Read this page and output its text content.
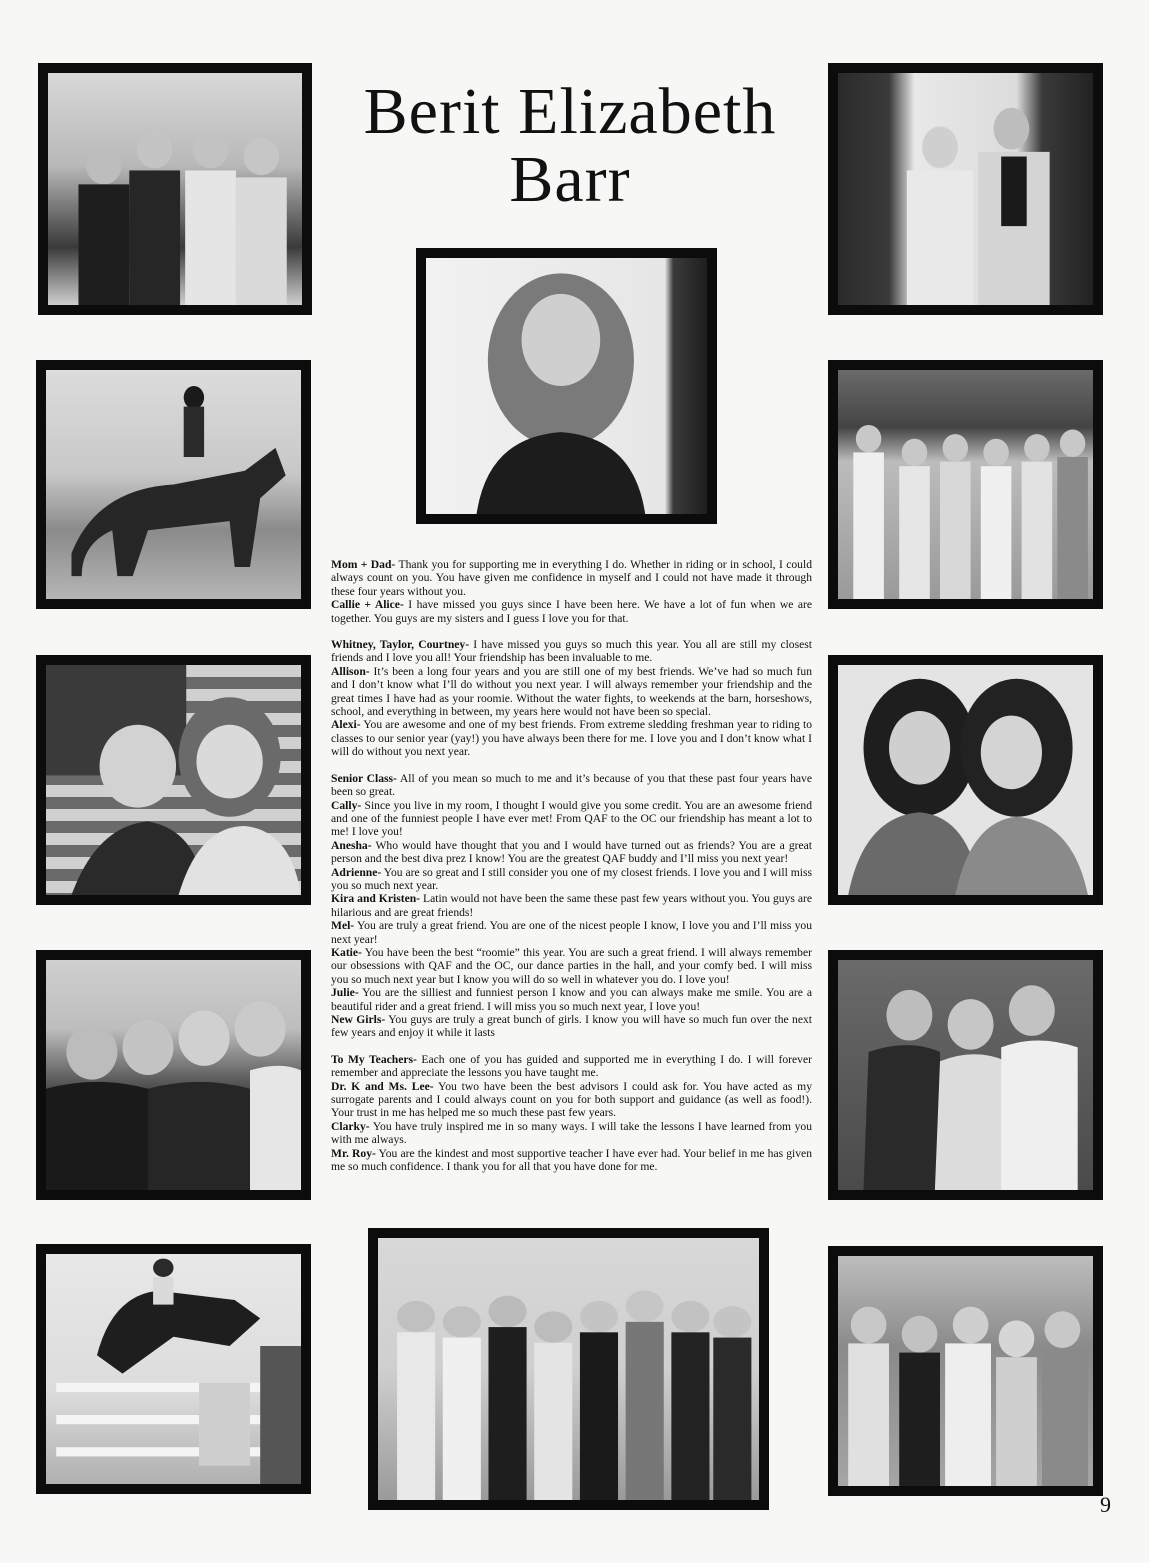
Berit Elizabeth
Barr

Mom + Dad- Thank you for supporting me in everything I do. Whether in riding or in school, I could always count on you. You have given me confidence in myself and I could not have made it through these four years without you.

Callie + Alice- I have missed you guys since I have been here. We have a lot of fun when we are together. You guys are my sisters and I guess I love you for that.

Whitney, Taylor, Courtney- I have missed you guys so much this year. You all are still my closest friends and I love you all! Your friendship has been invaluable to me.

Allison- It’s been a long four years and you are still one of my best friends. We’ve had so much fun and I don’t know what I’ll do without you next year. I will always remember your friendship and the great times I have had as your roomie. Without the water fights, to weekends at the barn, horseshows, school, and everything in between, my years here would not have been so special.

Alexi- You are awesome and one of my best friends. From extreme sledding freshman year to riding to classes to our senior year (yay!) you have always been there for me. I love you and I don’t know what I will do without you next year.

Senior Class- All of you mean so much to me and it’s because of you that these past four years have been so great.

Cally- Since you live in my room, I thought I would give you some credit. You are an awesome friend and one of the funniest people I have ever met! From QAF to the OC our friendship has meant a lot to me! I love you!

Anesha- Who would have thought that you and I would have turned out as friends? You are a great person and the best diva prez I know! You are the greatest QAF buddy and I’ll miss you next year!

Adrienne- You are so great and I still consider you one of my closest friends. I love you and I will miss you so much next year.

Kira and Kristen- Latin would not have been the same these past few years without you. You guys are hilarious and are great friends!

Mel- You are truly a great friend. You are one of the nicest people I know, I love you and I’ll miss you next year!

Katie- You have been the best “roomie” this year. You are such a great friend. I will always remember our obsessions with QAF and the OC, our dance parties in the hall, and your comfy bed. I will miss you so much next year but I know you will do so well in whatever you do. I love you!

Julie- You are the silliest and funniest person I know and you can always make me smile. You are a beautiful rider and a great friend. I will miss you so much next year, I love you!

New Girls- You guys are truly a great bunch of girls. I know you will have so much fun over the next few years and enjoy it while it lasts

To My Teachers- Each one of you has guided and supported me in everything I do. I will forever remember and appreciate the lessons you have taught me.

Dr. K and Ms. Lee- You two have been the best advisors I could ask for. You have acted as my surrogate parents and I could always count on you for both support and guidance (as well as food!). Your trust in me has helped me so much these past few years.

Clarky- You have truly inspired me in so many ways. I will take the lessons I have learned from you with me always.

Mr. Roy- You are the kindest and most supportive teacher I have ever had. Your belief in me has given me so much confidence. I thank you for all that you have done for me.

9
